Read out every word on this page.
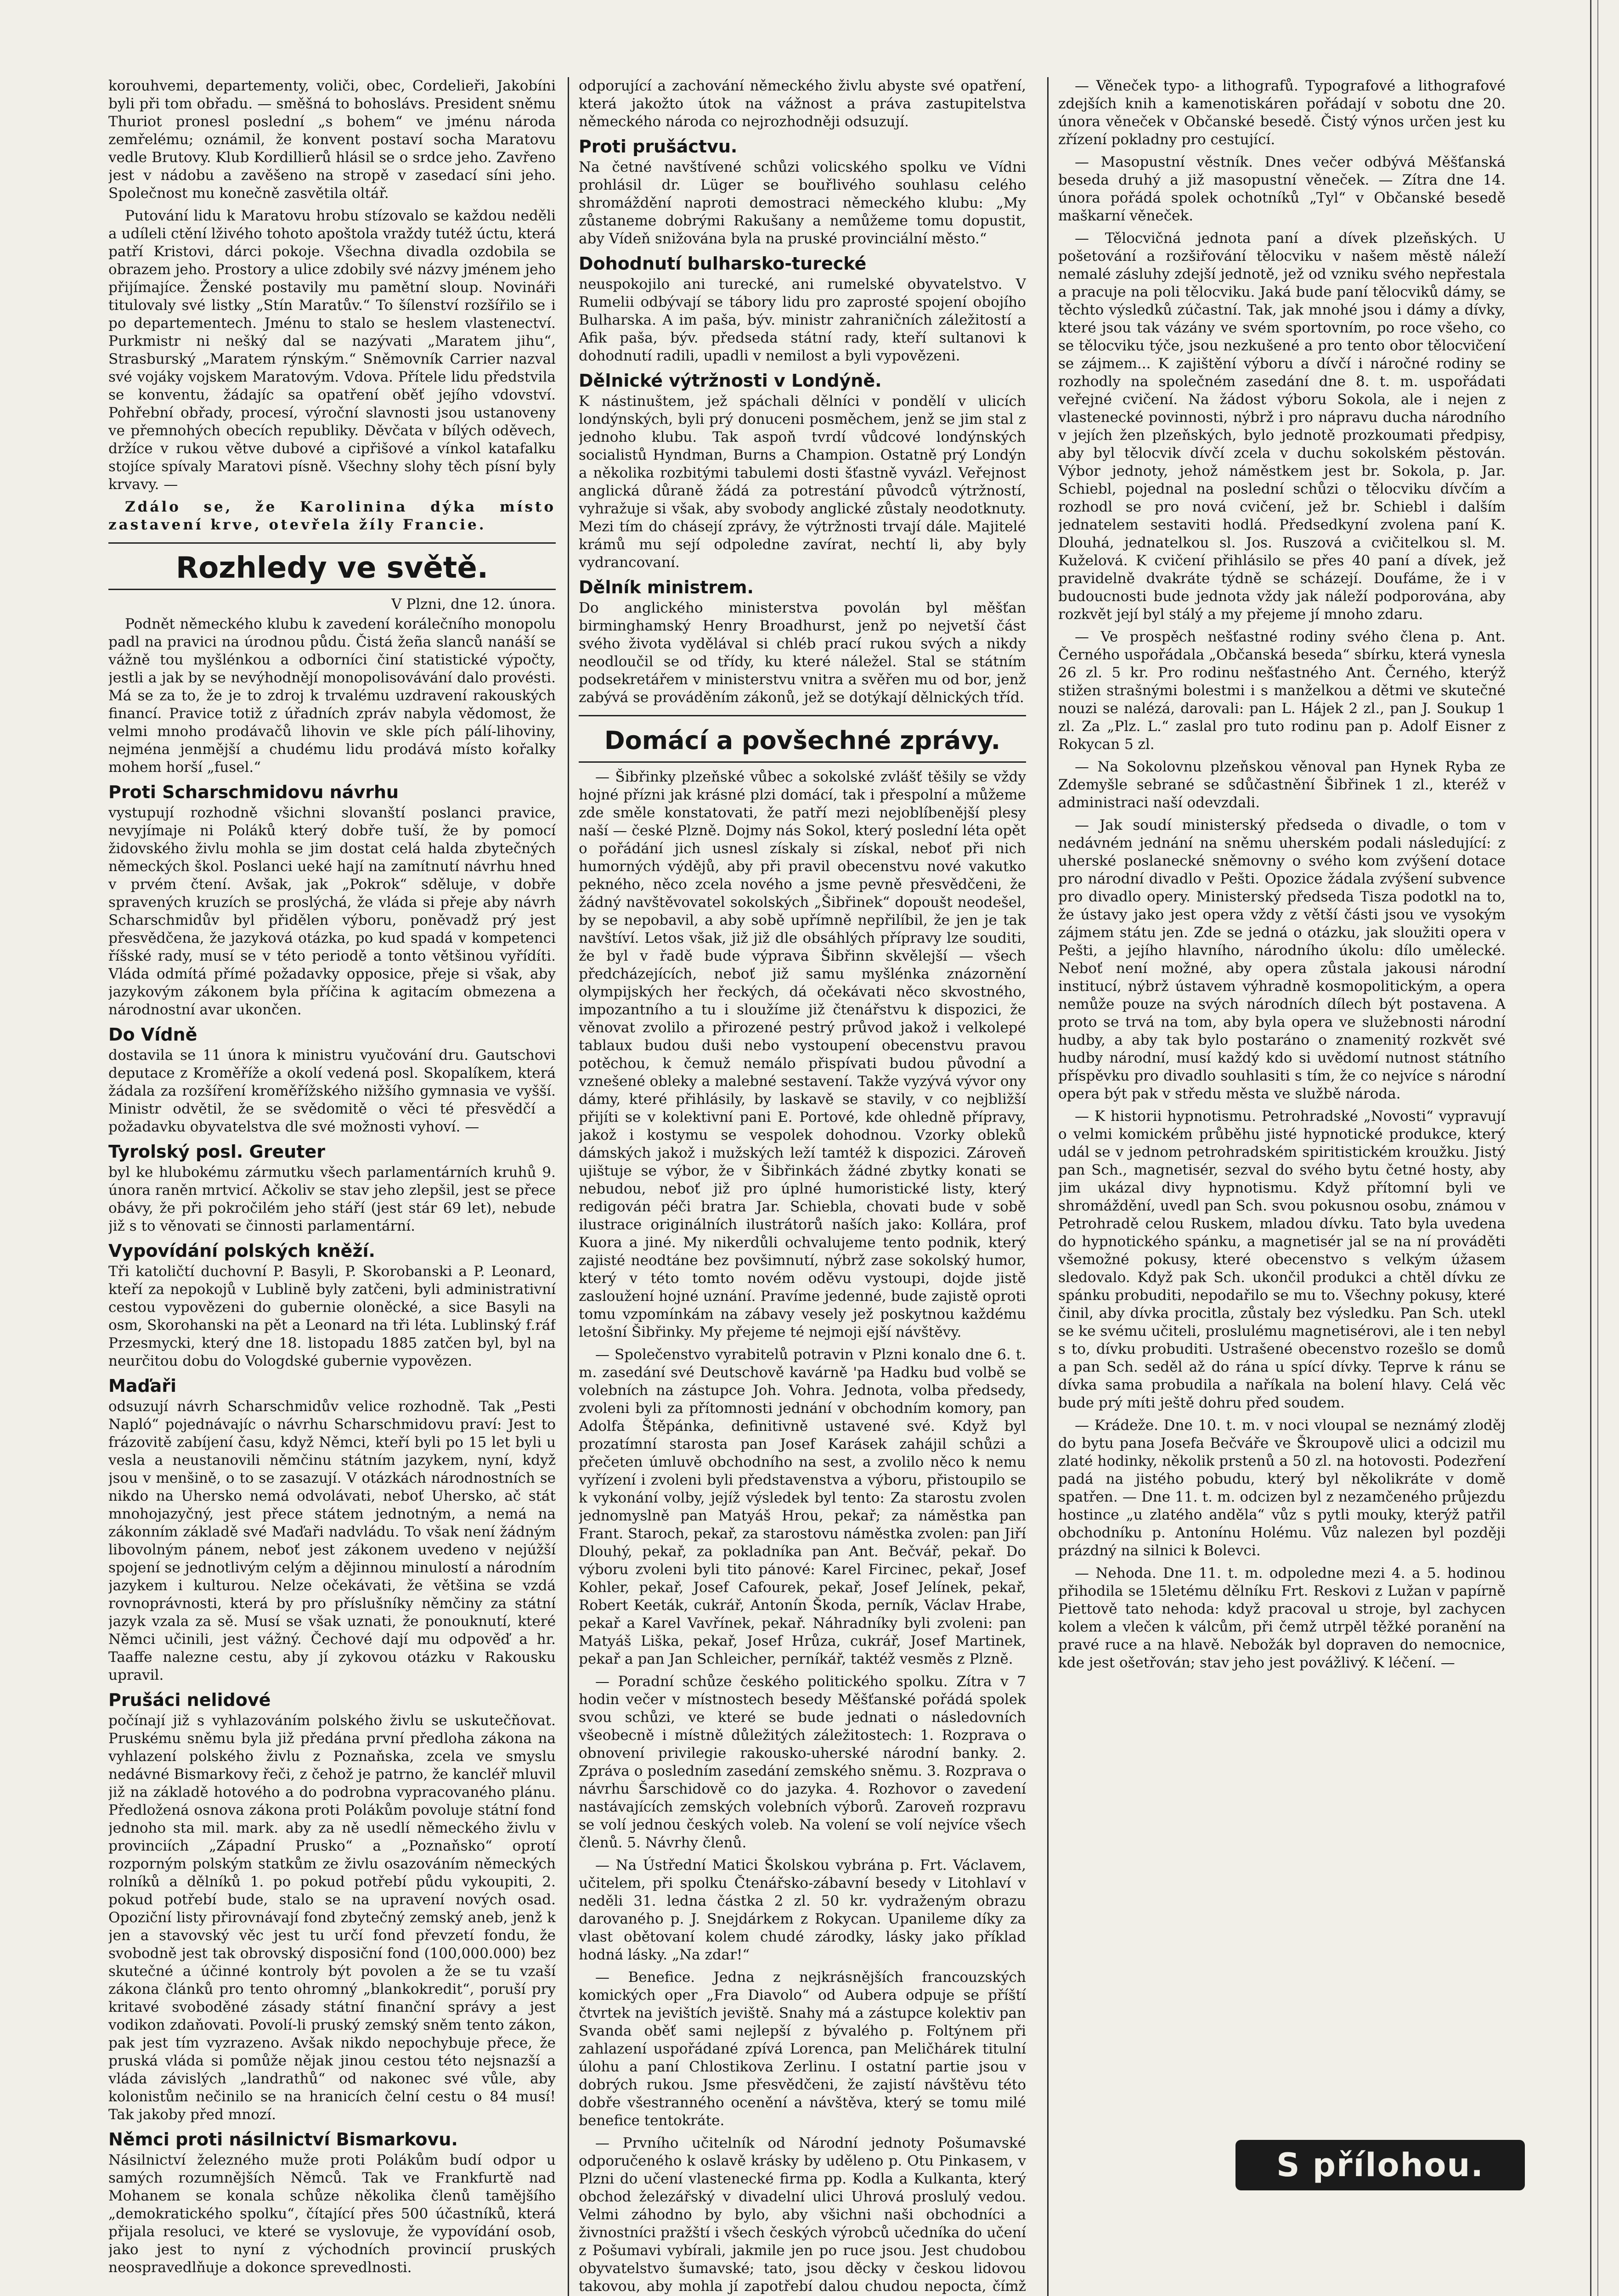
korouhvemi, departementy, voliči, obec, Cordelieři, Jakobíni byli při tom obřadu. — směšná to bohoslávs. President sněmu Thuriot pronesl poslední „s bohem“ ve jménu národa zemřelému; oznámil, že konvent postaví socha Maratovu vedle Brutovy. Klub Kordillierů hlásil se o srdce jeho. Zavřeno jest v nádobu a zavěšeno na stropě v zasedací síni jeho. Společnost mu konečně zasvětila oltář.

Putování lidu k Maratovu hrobu stízovalo se každou neděli a udíleli ctění lživého tohoto apoštola vraždy tutéž úctu, která patří Kristovi, dárci pokoje. Všechna divadla ozdobila se obrazem jeho. Prostory a ulice zdobily své názvy jménem jeho přijímajíce. Ženské postavily mu pamětní sloup. Novináři titulovaly své listky „Stín Maratův.“ To šílenství rozšířilo se i po departementech. Jménu to stalo se heslem vlastenectví. Purkmistr ni nešký dal se nazývati „Maratem jihu“, Strasburský „Maratem rýnským.“ Sněmovník Carrier nazval své vojáky vojskem Maratovým. Vdova. Přítele lidu předstvila se konventu, žádajíc sa opatření oběť jejího vdovství. Pohřební obřady, procesí, výroční slavnosti jsou ustanoveny ve přemnohých obecích republiky. Děvčata v bílých oděvech, držíce v rukou větve dubové a cipřišové a vínkol katafalku stojíce spívaly Maratovi písně. Všechny slohy těch písní byly krvavy. —

Zdálo se, že Karolinina dýka místo zastavení krve, otevřela žíly Francie.

Rozhledy ve světě.
V Plzni, dne 12. února.

Podnět německého klubu k zavedení korálečního monopolu padl na pravici na úrodnou půdu. Čistá žeña slanců nanáší se vážně tou myšlénkou a odborníci činí statistické výpočty, jestli a jak by se nevýhodnějí monopolisovávání dalo provésti. Má se za to, že je to zdroj k trvalému uzdravení rakouských financí. Pravice totiž z úřadních zpráv nabyla vědomost, že velmi mnoho prodávačů lihovin ve skle pích pálí-lihoviny, nejména jenmější a chudému lidu prodává místo kořalky mohem horší „fusel.“

Proti Scharschmidovu návrhu

vystupují rozhodně všichni slovanští poslanci pravice, nevyjímaje ni Poláků který dobře tuší, že by pomocí židovského živlu mohla se jim dostat celá halda zbytečných německých škol. Poslanci ueké hají na zamítnutí návrhu hned v prvém čtení. Avšak, jak „Pokrok“ sděluje, v dobře spravených kruzích se proslýchá, že vláda si přeje aby návrh Scharschmidův byl přidělen výboru, poněvadž prý jest přesvědčena, že jazyková otázka, po kud spadá v kompetenci říšské rady, musí se v této periodě a tonto většinou vyřídíti. Vláda odmítá přímé požadavky opposice, přeje si však, aby jazykovým zákonem byla příčina k agitacím obmezena a národnostní avar ukončen.

Do Vídně

dostavila se 11 února k ministru vyučování dru. Gautschovi deputace z Kroměříže a okolí vedená posl. Skopalíkem, která žádala za rozšíření kroměřížského nižšího gymnasia ve vyšší. Ministr odvětil, že se svědomitě o věci té přesvědčí a požadavku obyvatelstva dle své možnosti vyhoví. —

Tyrolský posl. Greuter

byl ke hlubokému zármutku všech parlamentárních kruhů 9. února raněn mrtvicí. Ačkoliv se stav jeho zlepšil, jest se přece obávy, že při pokročilém jeho stáří (jest stár 69 let), nebude již s to věnovati se činnosti parlamentární.

Vypovídání polských kněží.

Tři katoličtí duchovní P. Basyli, P. Skorobanski a P. Leonard, kteří za nepokojů v Lublině byly zatčeni, byli administrativní cestou vypovězeni do gubernie oloněcké, a sice Basyli na osm, Skorohanski na pět a Leonard na tři léta. Lublinský f.ráf Przesmycki, který dne 18. listopadu 1885 zatčen byl, byl na neurčitou dobu do Vologdské gubernie vypovězen.

Maďaři

odsuzují návrh Scharschmidův velice rozhodně. Tak „Pesti Napló“ pojednávajíc o návrhu Scharschmidovu praví: Jest to frázovitě zabíjení času, když Němci, kteří byli po 15 let byli u vesla a neustanovili němčinu státním jazykem, nyní, když jsou v menšině, o to se zasazují. V otázkách národnostních se nikdo na Uhersko nemá odvolávati, neboť Uhersko, ač stát mnohojazyčný, jest přece státem jednotným, a nemá na zákonním základě své Maďaři nadvládu. To však není žádným libovolným pánem, neboť jest zákonem uvedeno v nejúžší spojení se jednotlivým celým a dějinnou minulostí a národním jazykem i kulturou. Nelze očekávati, že většina se vzdá rovnoprávnosti, která by pro příslušníky němčiny za státní jazyk vzala za sě. Musí se však uznati, že ponouknutí, které Němci učinili, jest vážný. Čechové dají mu odpověď a hr. Taaffe nalezne cestu, aby jí zykovou otázku v Rakousku upravil.

Prušáci nelidové

počínají již s vyhlazováním polského živlu se uskutečňovat. Pruskému sněmu byla již předána první předloha zákona na vyhlazení polského živlu z Poznaňska, zcela ve smyslu nedávné Bismarkovy řeči, z čehož je patrno, že kancléř mluvil již na základě hotového a do podrobna vypracovaného plánu. Předložená osnova zákona proti Polákům povoluje státní fond jednoho sta mil. mark. aby za ně usedlí německého živlu v provinciích „Západní Prusko“ a „Poznaňsko“ oprotí rozporným polským statkům ze živlu osazováním německých rolníků a dělníků 1. po pokud potřebí půdu vykoupiti, 2. pokud potřebí bude, stalo se na upravení nových osad. Opoziční listy přirovnávají fond zbytečný zemský aneb, jenž k jen a stavovský věc jest tu určí fond převzetí fondu, že svobodně jest tak obrovský disposiční fond (100,000.000) bez skutečné a účinné kontroly být povolen a že se tu vzaší zákona článků pro tento ohromný „blankokredit“, poruší pry kritavé svoboděné zásady státní finanční správy a jest vodikon zdaňovati. Povolí-li pruský zemský sněm tento zákon, pak jest tím vyzrazeno. Avšak nikdo nepochybuje přece, že pruská vláda si pomůže nějak jinou cestou této nejsnazší a vláda závislých „landrathů“ od nakonec své vůle, aby kolonistům nečinilo se na hranicích čelní cestu o 84 musí! Tak jakoby před mnozí.

Němci proti násilnictví Bismarkovu.

Násilnictví železného muže proti Polákům budí odpor u samých rozumnějších Němců. Tak ve Frankfurtě nad Mohanem se konala schůze několika členů tamějšího „demokratického spolku“, čítající přes 500 účastníků, která přijala resoluci, ve které se vyslovuje, že vypovídání osob, jako jest to nyní z východních provincií pruských neospravedlňuje a dokonce sprevedlnosti.

odporující a zachování německého živlu abyste své opatření, která jakožto útok na vážnost a práva zastupitelstva německého národa co nejrozhodněji odsuzují.

Proti prušáctvu.

Na četné navštívené schůzi volicského spolku ve Vídni prohlásil dr. Lüger se bouřlivého souhlasu celého shromáždění naproti demostraci německého klubu: „My zůstaneme dobrými Rakušany a nemůžeme tomu dopustit, aby Vídeň snižována byla na pruské provinciální město.“

Dohodnutí bulharsko-turecké

neuspokojilo ani turecké, ani rumelské obyvatelstvo. V Rumelii odbývají se tábory lidu pro zaprosté spojení obojího Bulharska. A im paša, býv. ministr zahraničních záležitostí a Afik paša, býv. předseda státní rady, kteří sultanovi k dohodnutí radili, upadli v nemilost a byli vypovězeni.

Dělnické výtržnosti v Londýně.

K nástinuštem, jež spáchali dělníci v pondělí v ulicích londýnských, byli prý donuceni posměchem, jenž se jim stal z jednoho klubu. Tak aspoň tvrdí vůdcové londýnských socialistů Hyndman, Burns a Champion. Ostatně prý Londýn a několika rozbitými tabulemi dosti šťastně vyvázl. Veřejnost anglická důraně žádá za potrestání původců výtržností, vyhražuje si však, aby svobody anglické zůstaly neodotknuty. Mezi tím do chásejí zprávy, že výtržnosti trvají dále. Majitelé krámů mu sejí odpoledne zavírat, nechtí li, aby byly vydrancovaní.

Dělník ministrem.

Do anglického ministerstva povolán byl měšťan birminghamský Henry Broadhurst, jenž po nejvetší část svého života vydělával si chléb prací rukou svých a nikdy neodloučil se od třídy, ku které náležel. Stal se státním podsekretářem v ministerstvu vnitra a svěřen mu od bor, jenž zabývá se prováděním zákonů, jež se dotýkají dělnických tříd.

Domácí a povšechné zprávy.

— Šibřinky plzeňské vůbec a sokolské zvlášť těšily se vždy hojné přízni jak krásné plzi domácí, tak i přespolní a můžeme zde směle konstatovati, že patří mezi nejoblíbenější plesy naší — české Plzně. Dojmy nás Sokol, který poslední léta opět o pořádání jich usnesl získaly si získal, neboť při nich humorných výdějů, aby při pravil obecenstvu nové vakutko pekného, něco zcela nového a jsme pevně přesvědčeni, že žádný navštěvovatel sokolských „Šibřinek“ dopoušt neodešel, by se nepobavil, a aby sobě upřímně nepřilíbil, že jen je tak navštíví. Letos však, již již dle obsáhlých přípravy lze souditi, že byl v řadě bude výprava Šibřinn skvělejší — všech předcházejících, neboť již samu myšlénka znázornění olympijských her řeckých, dá očekávati něco skvostného, impozantního a tu i sloužíme již čtenářstvu k dispozici, že věnovat zvolilo a přirozené pestrý průvod jakož i velkolepé tablaux budou duši nebo vystoupení obecenstvu pravou potěchou, k čemuž nemálo přispívati budou původní a vznešené obleky a malebné sestavení. Takže vyzývá vývor ony dámy, které přihlásily, by laskavě se stavily, v co nejbližší přijíti se v kolektivní pani E. Portové, kde ohledně přípravy, jakož i kostymu se vespolek dohodnou. Vzorky obleků dámských jakož i mužských leží tamtéž k dispozici. Zároveň ujištuje se výbor, že v Šibřinkách žádné zbytky konati se nebudou, neboť již pro úplné humoristické listy, který redigován péči bratra Jar. Schiebla, chovati bude v sobě ilustrace originálních ilustrátorů naších jako: Kollára, prof Kuora a jiné. My nikerdůli ochvalujeme tento podnik, který zajisté neodtáne bez povšimnutí, nýbrž zase sokolský humor, který v této tomto novém oděvu vystoupi, dojde jistě zasloužení hojné uznání. Pravíme jedenné, bude zajistě oproti tomu vzpomínkám na zábavy vesely jež poskytnou každému letošní Šibřinky. My přejeme té nejmoji ejší návštěvy.

— Společenstvo vyrabitelů potravin v Plzni konalo dne 6. t. m. zasedání své Deutschově kavárně 'pa Hadku bud volbě se volebních na zástupce Joh. Vohra. Jednota, volba předsedy, zvoleni byli za přítomnosti jednání v obchodním komory, pan Adolfa Štěpánka, definitivně ustavené své. Když byl prozatímní starosta pan Josef Karásek zahájil schůzi a přečeten úmluvě obchodního na sest, a zvolilo něco k nemu vyřízení i zvoleni byli představenstva a výboru, přistoupilo se k vykonání volby, jejíž výsledek byl tento: Za starostu zvolen jednomyslně pan Matyáš Hrou, pekař; za náměstka pan Frant. Staroch, pekař, za starostovu náměstka zvolen: pan Jiří Dlouhý, pekař, za pokladníka pan Ant. Bečvář, pekař. Do výboru zvoleni byli tito pánové: Karel Fircinec, pekař, Josef Kohler, pekař, Josef Cafourek, pekař, Josef Jelínek, pekař, Robert Keeták, cukrář, Antonín Škoda, perník, Václav Hrabe, pekař a Karel Vavřínek, pekař. Náhradníky byli zvoleni: pan Matyáš Liška, pekař, Josef Hrůza, cukrář, Josef Martinek, pekař a pan Jan Schleicher, perníkář, taktéž vesměs z Plzně.

— Poradní schůze českého politického spolku. Zítra v 7 hodin večer v místnostech besedy Měšťanské pořádá spolek svou schůzi, ve které se bude jednati o následovních všeobecně i místně důležitých záležitostech: 1. Rozprava o obnovení privilegie rakousko-uherské národní banky. 2. Zpráva o posledním zasedání zemského sněmu. 3. Rozprava o návrhu Šarschidově co do jazyka. 4. Rozhovor o zavedení nastávajících zemských volebních výborů. Zaroveň rozpravu se volí jednou českých voleb. Na volení se volí nejvíce všech členů. 5. Návrhy členů.

— Na Ústřední Matici Školskou vybrána p. Frt. Václavem, učitelem, při spolku Čtenářsko-zábavní besedy v Litohlaví v neděli 31. ledna částka 2 zl. 50 kr. vydraženým obrazu darovaného p. J. Snejdárkem z Rokycan. Upanileme díky za vlast obětovaní kolem chudé zárodky, lásky jako příklad hodná lásky. „Na zdar!“

— Benefice. Jedna z nejkrásnějších francouzských komických oper „Fra Diavolo“ od Aubera odpuje se příští čtvrtek na jevištích jeviště. Snahy má a zástupce kolektiv pan Svanda oběť sami nejlepší z bývalého p. Foltýnem při zahlazení uspořádané zpívá Lorenca, pan Meličhárek titulní úlohu a paní Chlostikova Zerlinu. I ostatní partie jsou v dobrých rukou. Jsme přesvědčeni, že zajistí návštěvu této dobře všestranného ocenění a návštěva, který se tomu milé benefice tentokráte.

— Prvního učitelník od Národní jednoty Pošumavské odporučeného k oslavě krásky by uděleno p. Otu Pinkasem, v Plzni do učení vlastenecké firma pp. Kodla a Kulkanta, který obchod železářský v divadelní ulici Uhrová proslulý vedou. Velmi záhodno by bylo, aby všichni naši obchodníci a živnostníci pražští i všech českých výrobců učedníka do učení z Pošumavi vybírali, jakmile jen po ruce jsou. Jest chudobou obyvatelstvo šumavské; tato, jsou děcky v českou lidovou takovou, aby mohla jí zapotřebí dalou chudou nepocta, čímž

— Věneček typo- a lithografů. Typografové a lithografové zdejších knih a kamenotiskáren pořádají v sobotu dne 20. února věneček v Občanské besedě. Čistý výnos určen jest ku zřízení pokladny pro cestující.

— Masopustní věstník. Dnes večer odbývá Měšťanská beseda druhý a již masopustní věneček. — Zítra dne 14. února pořádá spolek ochotníků „Tyl“ v Občanské besedě maškarní věneček.

— Tělocvičná jednota paní a dívek plzeňských. U pošetování a rozšiřování tělocviku v našem městě náleží nemalé zásluhy zdejší jednotě, jež od vzniku svého nepřestala a pracuje na poli tělocviku. Jaká bude paní tělocviků dámy, se těchto výsledků zúčastní. Tak, jak mnohé jsou i dámy a dívky, které jsou tak vázány ve svém sportovním, po roce všeho, co se tělocviku týče, jsou nezkušené a pro tento obor tělocvičení se zájmem... K zajištění výboru a dívčí i náročné rodiny se rozhodly na společném zasedání dne 8. t. m. uspořádati veřejné cvičení. Na žádost výboru Sokola, ale i nejen z vlastenecké povinnosti, nýbrž i pro nápravu ducha národního v jejích žen plzeňských, bylo jednotě prozkoumati předpisy, aby byl tělocvik dívčí zcela v duchu sokolském pěstován. Výbor jednoty, jehož náměstkem jest br. Sokola, p. Jar. Schiebl, pojednal na poslední schůzi o tělocviku dívčím a rozhodl se pro nová cvičení, jež br. Schiebl i dalším jednatelem sestaviti hodlá. Předsedkyní zvolena paní K. Dlouhá, jednatelkou sl. Jos. Ruszová a cvičitelkou sl. M. Kuželová. K cvičení přihlásilo se přes 40 paní a dívek, jež pravidelně dvakráte týdně se scházejí. Doufáme, že i v budoucnosti bude jednota vždy jak náleží podporována, aby rozkvět její byl stálý a my přejeme jí mnoho zdaru.

— Ve prospěch nešťastné rodiny svého člena p. Ant. Černého uspořádala „Občanská beseda“ sbírku, která vynesla 26 zl. 5 kr. Pro rodinu nešťastného Ant. Černého, kterýž stižen strašnými bolestmi i s manželkou a dětmi ve skutečné nouzi se nalézá, darovali: pan L. Hájek 2 zl., pan J. Soukup 1 zl. Za „Plz. L.“ zaslal pro tuto rodinu pan p. Adolf Eisner z Rokycan 5 zl.

— Na Sokolovnu plzeňskou věnoval pan Hynek Ryba ze Zdemyšle sebrané se sdůčastnění Šibřinek 1 zl., kteréž v administraci naší odevzdali.

— Jak soudí ministerský předseda o divadle, o tom v nedávném jednání na sněmu uherském podali následující: z uherské poslanecké sněmovny o svého kom zvýšení dotace pro národní divadlo v Pešti. Opozice žádala zvýšení subvence pro divadlo opery. Ministerský předseda Tisza podotkl na to, že ústavy jako jest opera vždy z větší části jsou ve vysokým zájmem státu jen. Zde se jedná o otázku, jak sloužiti opera v Pešti, a jejího hlavního, národního úkolu: dílo umělecké. Neboť není možné, aby opera zůstala jakousi národní institucí, nýbrž ústavem výhradně kosmopolitickým, a opera nemůže pouze na svých národních dílech být postavena. A proto se trvá na tom, aby byla opera ve služebnosti národní hudby, a aby tak bylo postaráno o znamenitý rozkvět své hudby národní, musí každý kdo si uvědomí nutnost státního příspěvku pro divadlo souhlasiti s tím, že co nejvíce s národní opera být pak v středu města ve službě národa.

— K historii hypnotismu. Petrohradské „Novosti“ vypravují o velmi komickém průběhu jisté hypnotické produkce, který udál se v jednom petrohradském spiritistickém kroužku. Jistý pan Sch., magnetisér, sezval do svého bytu četné hosty, aby jim ukázal divy hypnotismu. Když přítomní byli ve shromáždění, uvedl pan Sch. svou pokusnou osobu, známou v Petrohradě celou Ruskem, mladou dívku. Tato byla uvedena do hypnotického spánku, a magnetisér jal se na ní prováděti všemožné pokusy, které obecenstvo s velkým úžasem sledovalo. Když pak Sch. ukončil produkci a chtěl dívku ze spánku probuditi, nepodařilo se mu to. Všechny pokusy, které činil, aby dívka procitla, zůstaly bez výsledku. Pan Sch. utekl se ke svému učiteli, proslulému magnetisérovi, ale i ten nebyl s to, dívku probuditi. Ustrašené obecenstvo rozešlo se domů a pan Sch. seděl až do rána u spící dívky. Teprve k ránu se dívka sama probudila a naříkala na bolení hlavy. Celá věc bude prý míti ještě dohru před soudem.

— Krádeže. Dne 10. t. m. v noci vloupal se neznámý zloděj do bytu pana Josefa Bečváře ve Škroupově ulici a odcizil mu zlaté hodinky, několik prstenů a 50 zl. na hotovosti. Podezření padá na jistého pobudu, který byl několikráte v domě spatřen. — Dne 11. t. m. odcizen byl z nezamčeného průjezdu hostince „u zlatého anděla“ vůz s pytli mouky, kterýž patřil obchodníku p. Antonínu Holému. Vůz nalezen byl později prázdný na silnici k Bolevci.

— Nehoda. Dne 11. t. m. odpoledne mezi 4. a 5. hodinou přihodila se 15letému dělníku Frt. Reskovi z Lužan v papírně Piettově tato nehoda: když pracoval u stroje, byl zachycen kolem a vlečen k válcům, při čemž utrpěl těžké poranění na pravé ruce a na hlavě. Nebožák byl dopraven do nemocnice, kde jest ošetřován; stav jeho jest povážlivý. K léčení. —

S přílohou.
